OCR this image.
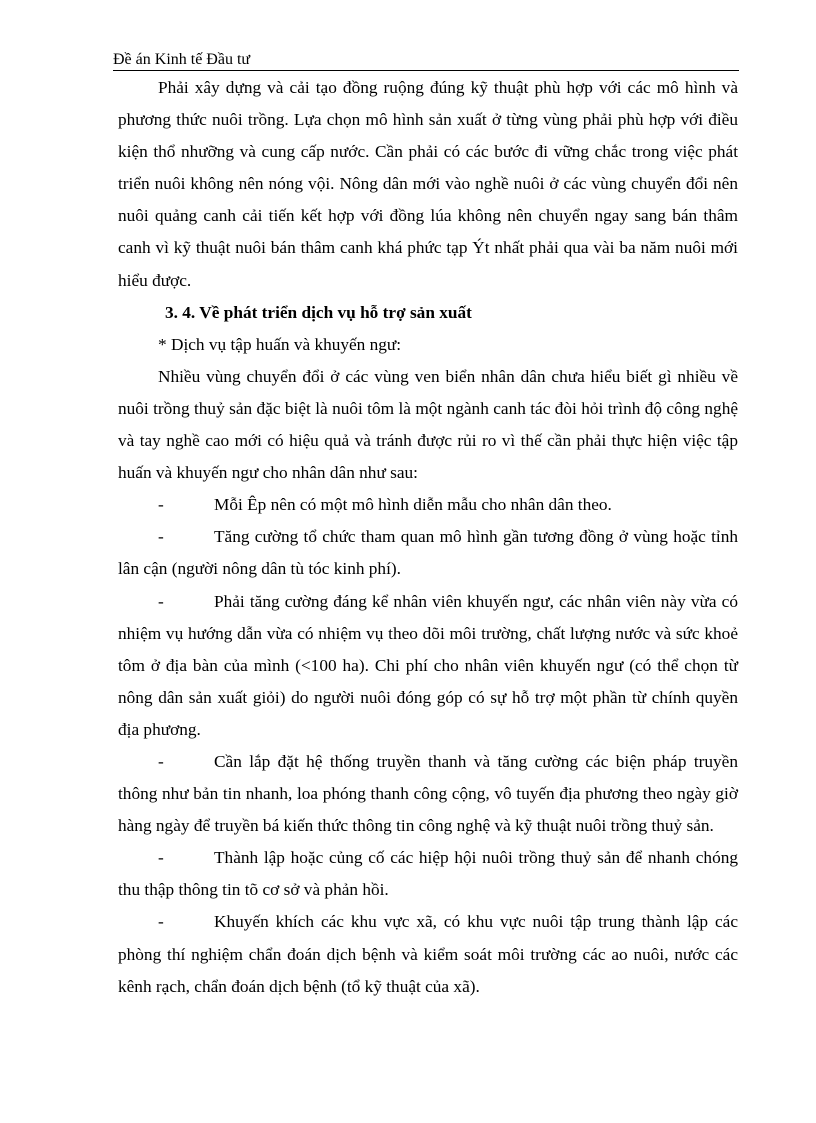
Đề án Kinh tế Đầu tư

Phải xây dựng và cải tạo đồng ruộng đúng kỹ thuật phù hợp với các mô hình và phương thức nuôi trồng. Lựa chọn mô hình sản xuất ở từng vùng phải phù hợp với điều kiện thổ nhưỡng và cung cấp nước. Cần phải có các bước đi vững chắc trong việc phát triển nuôi không nên nóng vội. Nông dân mới vào nghề nuôi ở các vùng chuyển đổi nên nuôi quảng canh cải tiến kết hợp với đồng lúa không nên chuyển ngay sang bán thâm canh vì kỹ thuật nuôi bán thâm canh khá phức tạp Ýt nhất phải qua vài ba năm nuôi mới hiểu được.

3. 4. Về phát triển dịch vụ hỗ trợ sản xuất

* Dịch vụ tập huấn và khuyến ngư:

Nhiều vùng chuyển đổi ở các vùng ven biển nhân dân chưa hiểu biết gì nhiều về nuôi trồng thuỷ sản đặc biệt là nuôi tôm là một ngành canh tác đòi hỏi trình độ công nghệ và tay nghề cao mới có hiệu quả và tránh được rủi ro vì thế cần phải thực hiện việc tập huấn và khuyến ngư cho nhân dân như sau:

-	Mỗi Êp nên có một mô hình diễn mẫu cho nhân dân theo.

-	Tăng cường tổ chức tham quan mô hình gần tương đồng ở vùng hoặc tỉnh lân cận (người nông dân tù tóc kinh phí).

-	Phải tăng cường đáng kể nhân viên khuyến ngư, các nhân viên này vừa có nhiệm vụ hướng dẫn vừa có nhiệm vụ theo dõi môi trường, chất lượng nước và sức khoẻ tôm ở địa bàn của mình (<100 ha). Chi phí cho nhân viên khuyến ngư (có thể chọn từ nông dân sản xuất giỏi) do người nuôi đóng góp có sự hỗ trợ một phần từ chính quyền địa phương.

-	Cần lắp đặt hệ thống truyền thanh và tăng cường các biện pháp truyền thông như bản tin nhanh, loa phóng thanh công cộng, vô tuyến địa phương theo ngày giờ hàng ngày để truyền bá kiến thức thông tin công nghệ và kỹ thuật nuôi trồng thuỷ sản.

-	Thành lập hoặc củng cố các hiệp hội nuôi trồng thuỷ sản để nhanh chóng thu thập thông tin tõ cơ sở và phản hồi.

-	Khuyến khích các khu vực xã, có khu vực nuôi tập trung thành lập các phòng thí nghiệm chẩn đoán dịch bệnh và kiểm soát môi trường các ao nuôi, nước các kênh rạch, chẩn đoán dịch bệnh (tổ kỹ thuật của xã).
